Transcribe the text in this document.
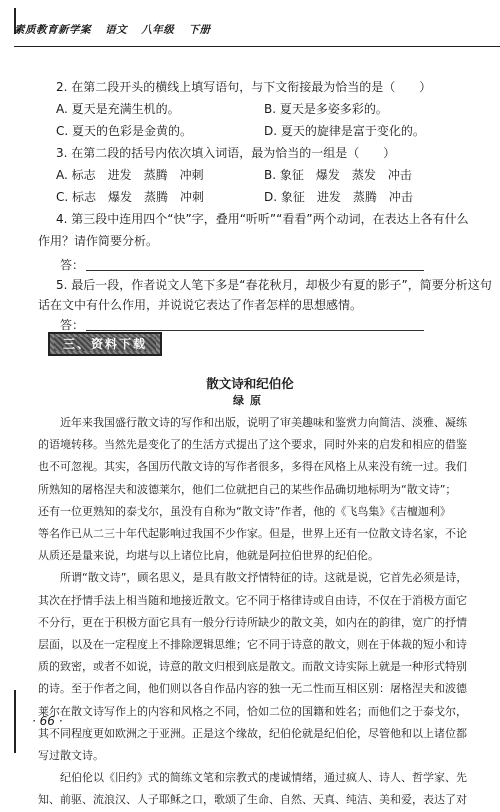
素质教育新学案 语文 八年级 下册
2. 在第二段开头的横线上填写语句，与下文衔接最为恰当的是（　　）
A. 夏天是充满生机的。	B. 夏天是多姿多彩的。
C. 夏天的色彩是金黄的。	D. 夏天的旋律是富于变化的。
3. 在第二段的括号内依次填入词语，最为恰当的一组是（　　）
A. 标志　进发　蒸腾　冲刺	B. 象征　爆发　蒸发　冲击
C. 标志　爆发　蒸腾　冲刺	D. 象征　进发　蒸腾　冲击
4. 第三段中连用四个“快”字，叠用“听听”“看看”两个动词，在表达上各有什么
作用？请作简要分析。
答：
5. 最后一段，作者说文人笔下多是“春花秋月，却极少有夏的影子”，简要分析这句
话在文中有什么作用，并说说它表达了作者怎样的思想感情。
答：
三、资料下载
散文诗和纪伯伦
绿原
近年来我国盛行散文诗的写作和出版，说明了审美趣味和鉴赏力向简洁、淡雅、凝练
的语境转移。当然先是变化了的生活方式提出了这个要求，同时外来的启发和相应的借鉴
也不可忽视。其实，各国历代散文诗的写作者很多，多得在风格上从来没有统一过。我们
所熟知的屠格涅夫和波德莱尔，他们二位就把自己的某些作品确切地标明为“散文诗”；
还有一位更熟知的泰戈尔，虽没有自称为“散文诗”作者，他的《飞鸟集》《吉檀迦利》
等名作已从二三十年代起影响过我国不少作家。但是，世界上还有一位散文诗名家，不论
从质还是量来说，均堪与以上诸位比肩，他就是阿拉伯世界的纪伯伦。
所谓“散文诗”，顾名思义，是具有散文抒情特征的诗。这就是说，它首先必须是诗，
其次在抒情手法上相当随和地接近散文。它不同于格律诗或自由诗，不仅在于消极方面它
不分行，更在于积极方面它具有一般分行诗所缺少的散文美，如内在的韵律，宽广的抒情
层面，以及在一定程度上不排除逻辑思维；它不同于诗意的散文，则在于体裁的短小和诗
质的致密，或者不如说，诗意的散文归根到底是散文。而散文诗实际上就是一种形式特别
的诗。至于作者之间，他们则以各自作品内容的独一无二性而互相区别：屠格涅夫和波德
莱尔在散文诗写作上的内容和风格之不同，恰如二位的国籍和姓名；而他们之于泰戈尔，
其不同程度更如欧洲之于亚洲。正是这个缘故，纪伯伦就是纪伯伦，尽管他和以上诸位都
写过散文诗。
纪伯伦以《旧约》式的简练文笔和宗教式的虔诚情绪，通过疯人、诗人、哲学家、先
知、前驱、流浪汉、人子耶稣之口，歌颂了生命、自然、天真、纯洁、美和爱，表达了对
· 66 ·
